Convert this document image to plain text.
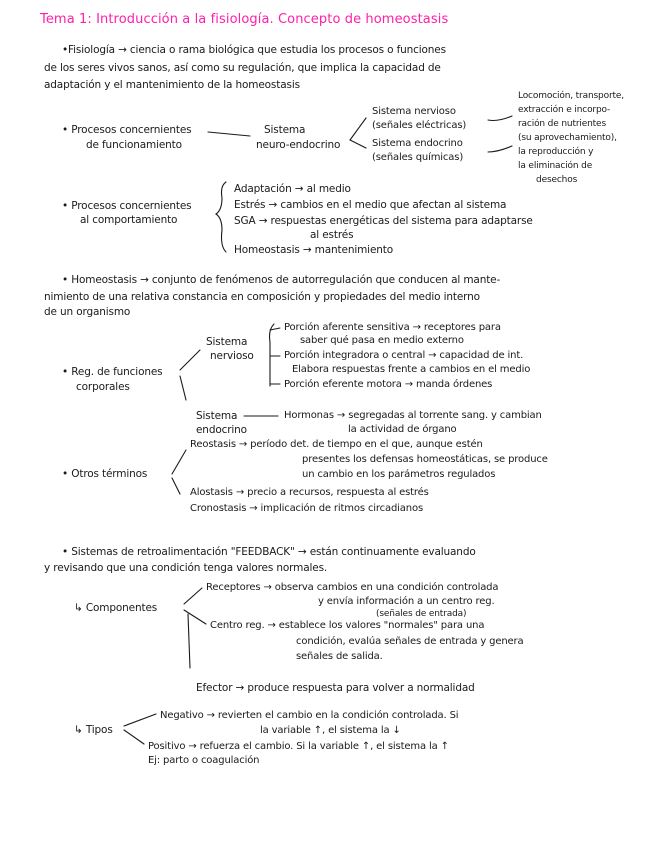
Tema 1: Introducción a la fisiología. Concepto de homeostasis
•Fisiología → ciencia o rama biológica que estudia los procesos o funciones
de los seres vivos sanos, así como su regulación, que implica la capacidad de
adaptación y el mantenimiento de la homeostasis
• Procesos concernientes
de funcionamiento
Sistema
neuro-endocrino
Sistema nervioso
(señales eléctricas)
Sistema endocrino
(señales químicas)
Locomoción, transporte,
extracción e incorpo-
ración de nutrientes
(su aprovechamiento),
la reproducción y
la eliminación de
desechos
• Procesos concernientes
al comportamiento
Adaptación → al medio
Estrés → cambios en el medio que afectan al sistema
SGA → respuestas energéticas del sistema para adaptarse
al estrés
Homeostasis → mantenimiento
• Homeostasis → conjunto de fenómenos de autorregulación que conducen al mante-
nimiento de una relativa constancia en composición y propiedades del medio interno
de un organismo
• Reg. de funciones
corporales
Sistema
nervioso
Porción aferente sensitiva → receptores para
saber qué pasa en medio externo
Porción integradora o central → capacidad de int.
Elabora respuestas frente a cambios en el medio
Porción eferente motora → manda órdenes
Sistema
endocrino
Hormonas → segregadas al torrente sang. y cambian
la actividad de órgano
• Otros términos
Reostasis → período det. de tiempo en el que, aunque estén
presentes los defensas homeostáticas, se produce
un cambio en los parámetros regulados
Alostasis → precio a recursos, respuesta al estrés
Cronostasis → implicación de ritmos circadianos
• Sistemas de retroalimentación "FEEDBACK" → están continuamente evaluando
y revisando que una condición tenga valores normales.
↳ Componentes
Receptores → observa cambios en una condición controlada
y envía información a un centro reg.
(señales de entrada)
Centro reg. → establece los valores "normales" para una
condición, evalúa señales de entrada y genera
señales de salida.
Efector → produce respuesta para volver a normalidad
↳ Tipos
Negativo → revierten el cambio en la condición controlada. Si
la variable ↑, el sistema la ↓
Positivo → refuerza el cambio. Si la variable ↑, el sistema la ↑
Ej: parto o coagulación
